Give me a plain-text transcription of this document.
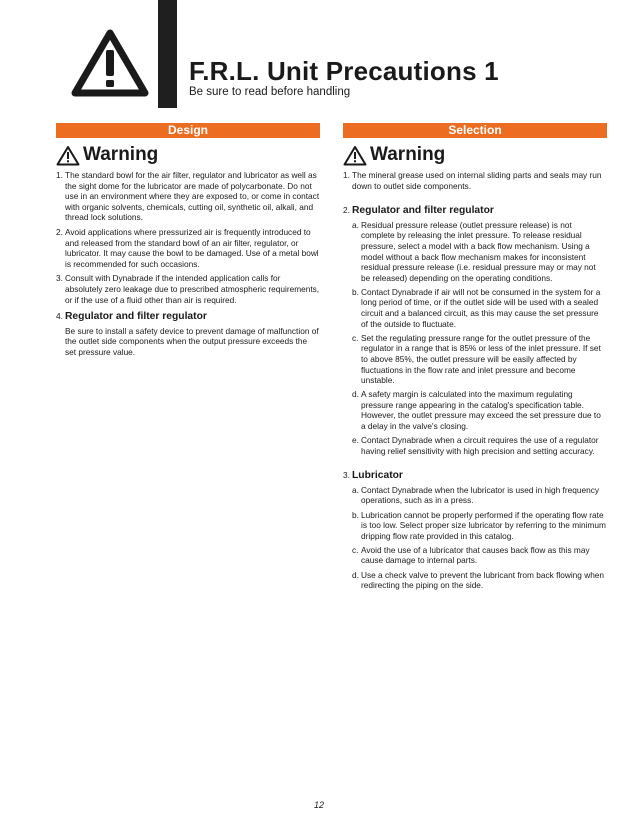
F.R.L. Unit Precautions 1
Be sure to read before handling
Design
Warning
1. The standard bowl for the air filter, regulator and lubricator as well as the sight dome for the lubricator are made of polycarbonate. Do not use in an environment where they are exposed to, or come in contact with organic solvents, chemicals, cutting oil, synthetic oil, alkali, and thread lock solutions.
2. Avoid applications where pressurized air is frequently introduced to and released from the standard bowl of an air filter, regulator, or lubricator. It may cause the bowl to be damaged. Use of a metal bowl is recommended for such occasions.
3. Consult with Dynabrade if the intended application calls for absolutely zero leakage due to prescribed atmospheric requirements, or if the use of a fluid other than air is required.
4. Regulator and filter regulator
Be sure to install a safety device to prevent damage of malfunction of the outlet side components when the output pressure exceeds the set pressure value.
Selection
Warning
1. The mineral grease used on internal sliding parts and seals may run down to outlet side components.
2. Regulator and filter regulator
a. Residual pressure release (outlet pressure release) is not complete by releasing the inlet pressure. To release residual pressure, select a model with a back flow mechanism. Using a model without a back flow mechanism makes for inconsistent residual pressure release (i.e. residual pressure may or may not be released) depending on the operating conditions.
b. Contact Dynabrade if air will not be consumed in the system for a long period of time, or if the outlet side will be used with a sealed circuit and a balanced circuit, as this may cause the set pressure of the outside to fluctuate.
c. Set the regulating pressure range for the outlet pressure of the regulator in a range that is 85% or less of the inlet pressure. If set to above 85%, the outlet pressure will be easily affected by fluctuations in the flow rate and inlet pressure and become unstable.
d. A safety margin is calculated into the maximum regulating pressure range appearing in the catalog's specification table. However, the outlet pressure may exceed the set pressure due to a delay in the valve's closing.
e. Contact Dynabrade when a circuit requires the use of a regulator having relief sensitivity with high precision and setting accuracy.
3. Lubricator
a. Contact Dynabrade when the lubricator is used in high frequency operations, such as in a press.
b. Lubrication cannot be properly performed if the operating flow rate is too low. Select proper size lubricator by referring to the minimum dripping flow rate provided in this catalog.
c. Avoid the use of a lubricator that causes back flow as this may cause damage to internal parts.
d. Use a check valve to prevent the lubricant from back flowing when redirecting the piping on the side.
12
